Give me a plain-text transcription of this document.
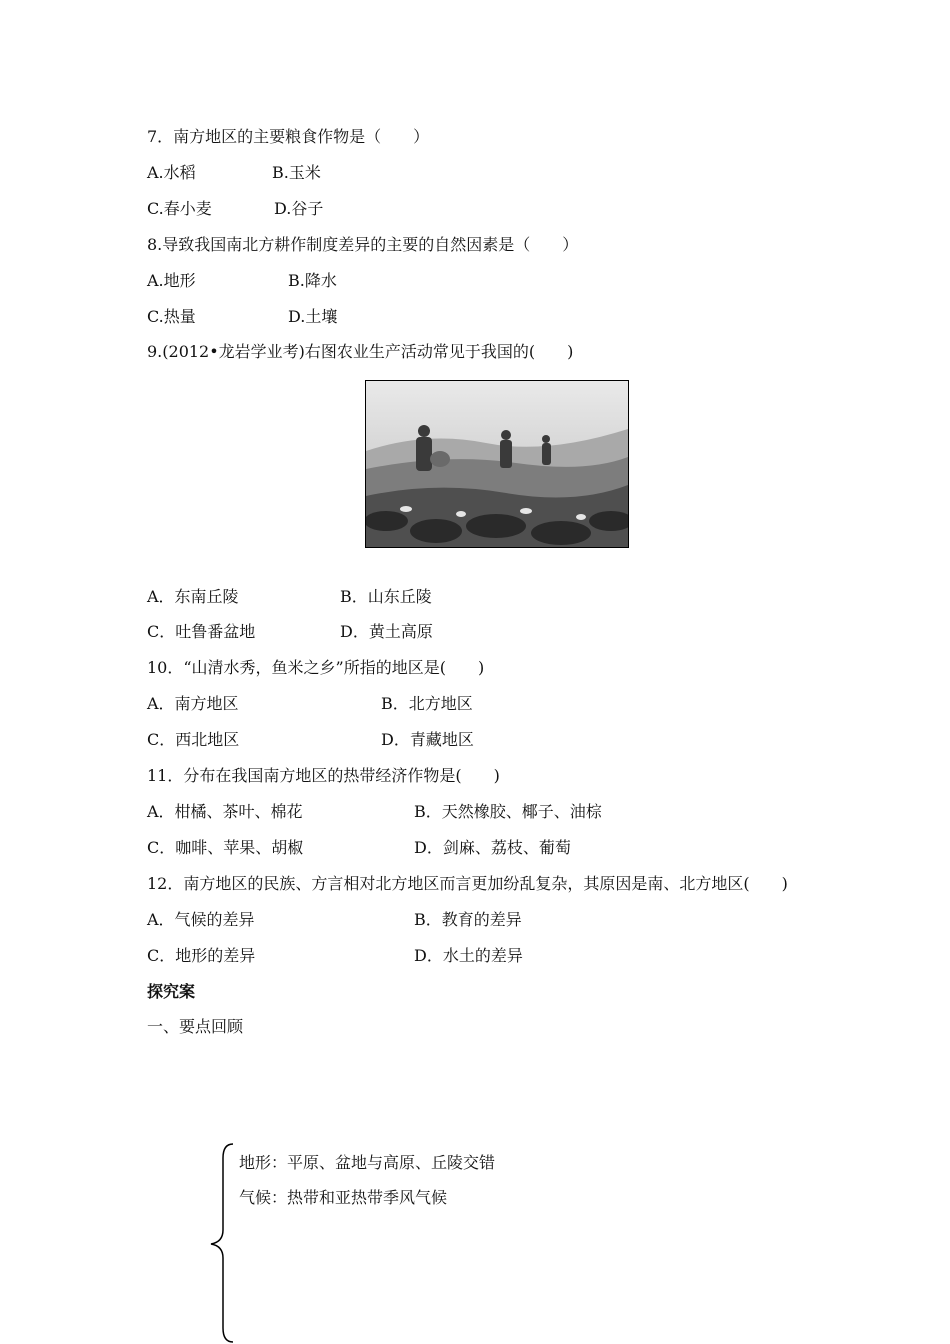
7．南方地区的主要粮食作物是（　　）
A.水稻	B.玉米
C.春小麦	D.谷子
8.导致我国南北方耕作制度差异的主要的自然因素是（　　）
A.地形	B.降水
C.热量	D.土壤
9.(2012•龙岩学业考)右图农业生产活动常见于我国的(　　)
A．东南丘陵	B．山东丘陵
C．吐鲁番盆地	D．黄土高原
10．“山清水秀，鱼米之乡”所指的地区是(　　)
A．南方地区	B．北方地区
C．西北地区	D．青藏地区
11．分布在我国南方地区的热带经济作物是(　　)
A．柑橘、茶叶、棉花	B．天然橡胶、椰子、油棕
C．咖啡、苹果、胡椒	D．剑麻、荔枝、葡萄
12．南方地区的民族、方言相对北方地区而言更加纷乱复杂，其原因是南、北方地区(　　)
A．气候的差异	B．教育的差异
C．地形的差异	D．水土的差异
探究案
一、要点回顾
地形：平原、盆地与高原、丘陵交错
气候：热带和亚热带季风气候
